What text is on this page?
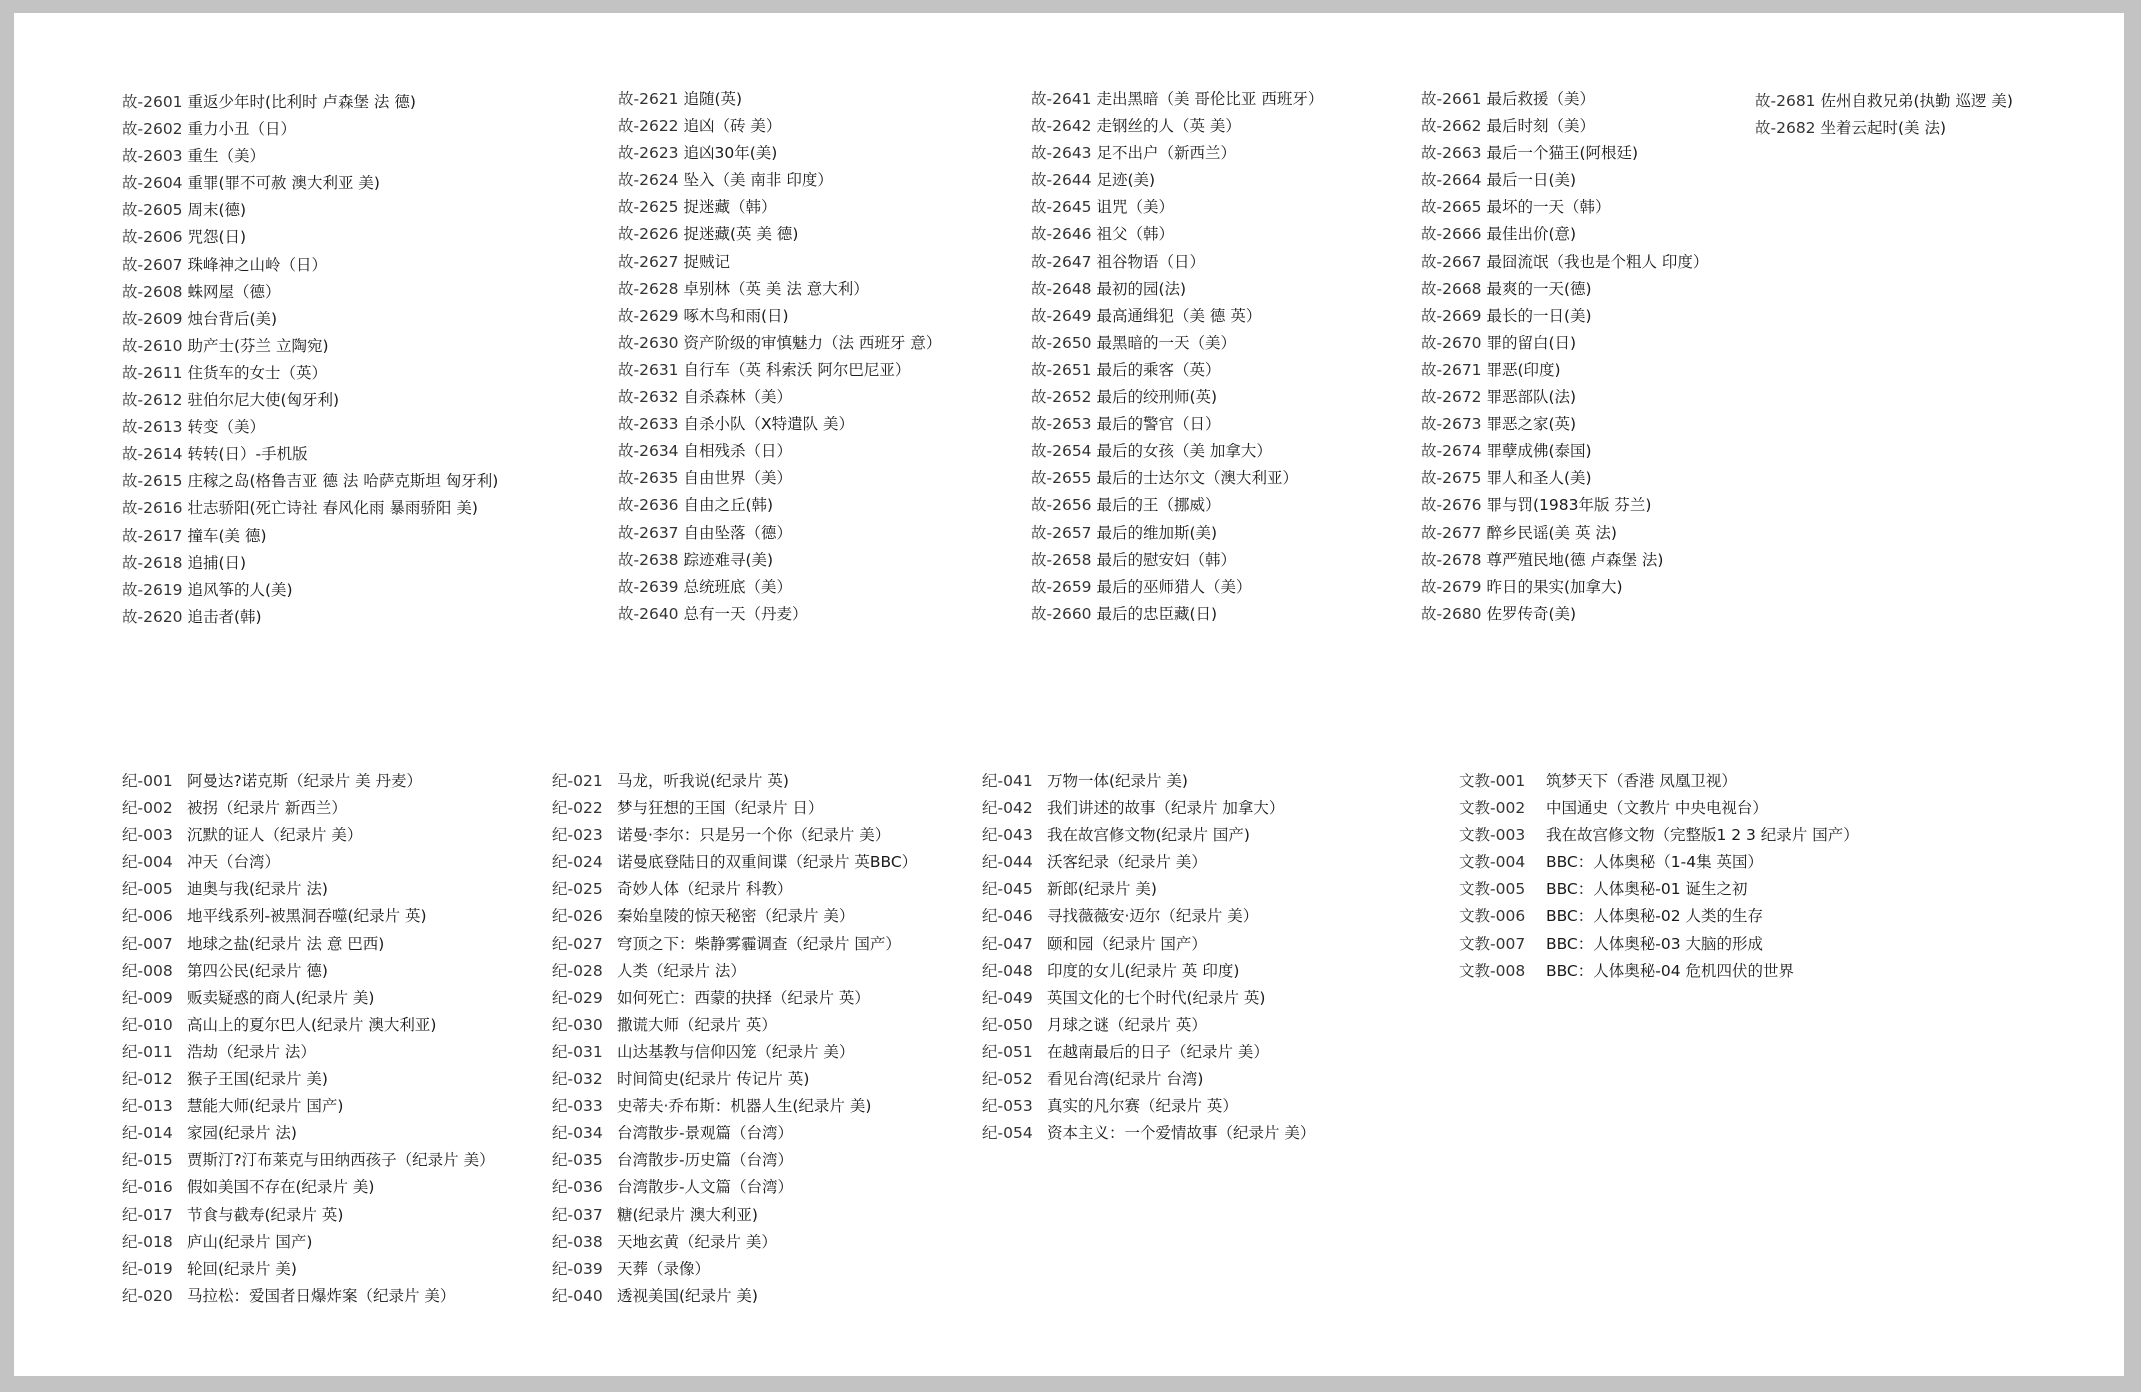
故-2601 重返少年时(比利时 卢森堡 法 德)
故-2602 重力小丑（日）
故-2603 重生（美）
故-2604 重罪(罪不可赦 澳大利亚 美)
故-2605 周末(德)
故-2606 咒怨(日)
故-2607 珠峰神之山岭（日）
故-2608 蛛网屋（德）
故-2609 烛台背后(美)
故-2610 助产士(芬兰 立陶宛)
故-2611 住货车的女士（英）
故-2612 驻伯尔尼大使(匈牙利)
故-2613 转变（美）
故-2614 转转(日）-手机版
故-2615 庄稼之岛(格鲁吉亚 德 法 哈萨克斯坦 匈牙利)
故-2616 壮志骄阳(死亡诗社 春风化雨 暴雨骄阳 美)
故-2617 撞车(美 德)
故-2618 追捕(日)
故-2619 追风筝的人(美)
故-2620 追击者(韩)
故-2621 追随(英)
故-2622 追凶（砖 美）
故-2623 追凶30年(美)
故-2624 坠入（美 南非 印度）
故-2625 捉迷藏（韩）
故-2626 捉迷藏(英 美 德)
故-2627 捉贼记
故-2628 卓别林（英 美 法 意大利）
故-2629 啄木鸟和雨(日)
故-2630 资产阶级的审慎魅力（法 西班牙 意）
故-2631 自行车（英 科索沃 阿尔巴尼亚）
故-2632 自杀森林（美）
故-2633 自杀小队（X特遣队 美）
故-2634 自相残杀（日）
故-2635 自由世界（美）
故-2636 自由之丘(韩)
故-2637 自由坠落（德）
故-2638 踪迹难寻(美)
故-2639 总统班底（美）
故-2640 总有一天（丹麦）
故-2641 走出黑暗（美 哥伦比亚 西班牙）
故-2642 走钢丝的人（英 美）
故-2643 足不出户（新西兰）
故-2644 足迹(美)
故-2645 诅咒（美）
故-2646 祖父（韩）
故-2647 祖谷物语（日）
故-2648 最初的园(法)
故-2649 最高通缉犯（美 德 英）
故-2650 最黑暗的一天（美）
故-2651 最后的乘客（英）
故-2652 最后的绞刑师(英)
故-2653 最后的警官（日）
故-2654 最后的女孩（美 加拿大）
故-2655 最后的士达尔文（澳大利亚）
故-2656 最后的王（挪威）
故-2657 最后的维加斯(美)
故-2658 最后的慰安妇（韩）
故-2659 最后的巫师猎人（美）
故-2660 最后的忠臣藏(日)
故-2661 最后救援（美）
故-2662 最后时刻（美）
故-2663 最后一个猫王(阿根廷)
故-2664 最后一日(美)
故-2665 最坏的一天（韩）
故-2666 最佳出价(意)
故-2667 最囧流氓（我也是个粗人 印度）
故-2668 最爽的一天(德)
故-2669 最长的一日(美)
故-2670 罪的留白(日)
故-2671 罪恶(印度)
故-2672 罪恶部队(法)
故-2673 罪恶之家(英)
故-2674 罪孽成佛(泰国)
故-2675 罪人和圣人(美)
故-2676 罪与罚(1983年版 芬兰)
故-2677 醉乡民谣(美 英 法)
故-2678 尊严殖民地(德 卢森堡 法)
故-2679 昨日的果实(加拿大)
故-2680 佐罗传奇(美)
故-2681 佐州自救兄弟(执勤 巡逻 美)
故-2682 坐着云起时(美 法)
纪-001 阿曼达?诺克斯（纪录片 美 丹麦）
纪-002 被拐（纪录片 新西兰）
纪-003 沉默的证人（纪录片 美）
纪-004 冲天（台湾）
纪-005 迪奥与我(纪录片 法)
纪-006 地平线系列-被黑洞吞噬(纪录片 英)
纪-007 地球之盐(纪录片 法 意 巴西)
纪-008 第四公民(纪录片 德)
纪-009 贩卖疑惑的商人(纪录片 美)
纪-010 高山上的夏尔巴人(纪录片 澳大利亚)
纪-011 浩劫（纪录片 法）
纪-012 猴子王国(纪录片 美)
纪-013 慧能大师(纪录片 国产)
纪-014 家园(纪录片 法)
纪-015 贾斯汀?汀布莱克与田纳西孩子（纪录片 美）
纪-016 假如美国不存在(纪录片 美)
纪-017 节食与截寿(纪录片 英)
纪-018 庐山(纪录片 国产)
纪-019 轮回(纪录片 美)
纪-020 马拉松：爱国者日爆炸案（纪录片 美）
纪-021 马龙，听我说(纪录片 英)
纪-022 梦与狂想的王国（纪录片 日）
纪-023 诺曼·李尔：只是另一个你（纪录片 美）
纪-024 诺曼底登陆日的双重间谍（纪录片 英BBC）
纪-025 奇妙人体（纪录片 科教）
纪-026 秦始皇陵的惊天秘密（纪录片 美）
纪-027 穹顶之下：柴静雾霾调查（纪录片 国产）
纪-028 人类（纪录片 法）
纪-029 如何死亡：西蒙的抉择（纪录片 英）
纪-030 撒谎大师（纪录片 英）
纪-031 山达基教与信仰囚笼（纪录片 美）
纪-032 时间简史(纪录片 传记片 英)
纪-033 史蒂夫·乔布斯：机器人生(纪录片 美)
纪-034 台湾散步-景观篇（台湾）
纪-035 台湾散步-历史篇（台湾）
纪-036 台湾散步-人文篇（台湾）
纪-037 糖(纪录片 澳大利亚)
纪-038 天地玄黄（纪录片 美）
纪-039 天葬（录像）
纪-040 透视美国(纪录片 美)
纪-041 万物一体(纪录片 美)
纪-042 我们讲述的故事（纪录片 加拿大）
纪-043 我在故宫修文物(纪录片 国产)
纪-044 沃客纪录（纪录片 美）
纪-045 新郎(纪录片 美)
纪-046 寻找薇薇安·迈尔（纪录片 美）
纪-047 颐和园（纪录片 国产）
纪-048 印度的女儿(纪录片 英 印度)
纪-049 英国文化的七个时代(纪录片 英)
纪-050 月球之谜（纪录片 英）
纪-051 在越南最后的日子（纪录片 美）
纪-052 看见台湾(纪录片 台湾)
纪-053 真实的凡尔赛（纪录片 英）
纪-054 资本主义：一个爱情故事（纪录片 美）
文教-001 筑梦天下（香港 凤凰卫视）
文教-002 中国通史（文教片 中央电视台）
文教-003 我在故宫修文物（完整版1 2 3 纪录片 国产）
文教-004 BBC：人体奥秘（1-4集 英国）
文教-005 BBC：人体奥秘-01 诞生之初
文教-006 BBC：人体奥秘-02 人类的生存
文教-007 BBC：人体奥秘-03 大脑的形成
文教-008 BBC：人体奥秘-04 危机四伏的世界
